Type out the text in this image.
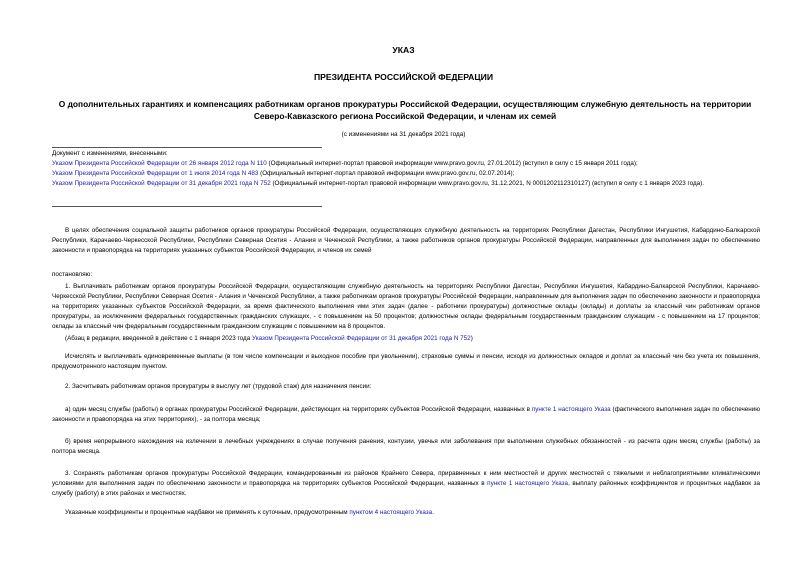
УКАЗ
ПРЕЗИДЕНТА РОССИЙСКОЙ ФЕДЕРАЦИИ
О дополнительных гарантиях и компенсациях работникам органов прокуратуры Российской Федерации, осуществляющим служебную деятельность на территории Северо-Кавказского региона Российской Федерации, и членам их семей
(с изменениями на 31 декабря 2021 года)
Документ с изменениями, внесенными:
Указом Президента Российской Федерации от 26 января 2012 года N 110 (Официальный интернет-портал правовой информации www.pravo.gov.ru, 27.01.2012) (вступил в силу с 15 января 2011 года);
Указом Президента Российской Федерации от 1 июля 2014 года N 483 (Официальный интернет-портал правовой информации www.pravo.gov.ru, 02.07.2014);
Указом Президента Российской Федерации от 31 декабря 2021 года N 752 (Официальный интернет-портал правовой информации www.pravo.gov.ru, 31.12.2021, N 0001202112310127) (вступил в силу с 1 января 2023 года).
В целях обеспечения социальной защиты работников органов прокуратуры Российской Федерации, осуществляющих служебную деятельность на территориях Республики Дагестан, Республики Ингушетия, Кабардино-Балкарской Республики, Карачаево-Черкесской Республики, Республики Северная Осетия - Алания и Чеченской Республики, а также работников органов прокуратуры Российской Федерации, направленных для выполнения задач по обеспечению законности и правопорядка на территориях указанных субъектов Российской Федерации, и членов их семей
постановляю:
1. Выплачивать работникам органов прокуратуры Российской Федерации, осуществляющим служебную деятельность на территориях Республики Дагестан, Республики Ингушетия, Кабардино-Балкарской Республики, Карачаево-Черкесской Республики, Республики Северная Осетия - Алания и Чеченской Республики, а также работникам органов прокуратуры Российской Федерации, направленным для выполнения задач по обеспечению законности и правопорядка на территориях указанных субъектов Российской Федерации, за время фактического выполнения ими этих задач (далее - работники прокуратуры) должностные оклады (оклады) и доплаты за классный чин работникам органов прокуратуры, за исключением федеральных государственных гражданских служащих, - с повышением на 50 процентов; должностные оклады федеральным государственным гражданским служащим - с повышением на 17 процентов; оклады за классный чин федеральным государственным гражданским служащим с повышением на 8 процентов.
(Абзац в редакции, введенной в действие с 1 января 2023 года Указом Президента Российской Федерации от 31 декабря 2021 года N 752)
Исчислять и выплачивать единовременные выплаты (в том числе компенсации и выходное пособие при увольнении), страховые суммы и пенсии, исходя из должностных окладов и доплат за классный чин без учета их повышения, предусмотренного настоящим пунктом.
2. Засчитывать работникам органов прокуратуры в выслугу лет (трудовой стаж) для назначения пенсии:
а) один месяц службы (работы) в органах прокуратуры Российской Федерации, действующих на территориях субъектов Российской Федерации, названных в пункте 1 настоящего Указа (фактического выполнения задач по обеспечению законности и правопорядка на этих территориях), - за полтора месяца;
б) время непрерывного нахождения на излечении в лечебных учреждениях в случае получения ранения, контузии, увечья или заболевания при выполнении служебных обязанностей - из расчета один месяц службы (работы) за полтора месяца.
3. Сохранять работникам органов прокуратуры Российской Федерации, командированным из районов Крайнего Севера, приравненных к ним местностей и других местностей с тяжелыми и неблагоприятными климатическими условиями для выполнения задач по обеспечению законности и правопорядка на территориях субъектов Российской Федерации, названных в пункте 1 настоящего Указа, выплату районных коэффициентов и процентных надбавок за службу (работу) в этих районах и местностях.
Указанные коэффициенты и процентные надбавки не применять к суточным, предусмотренным пунктом 4 настоящего Указа.
